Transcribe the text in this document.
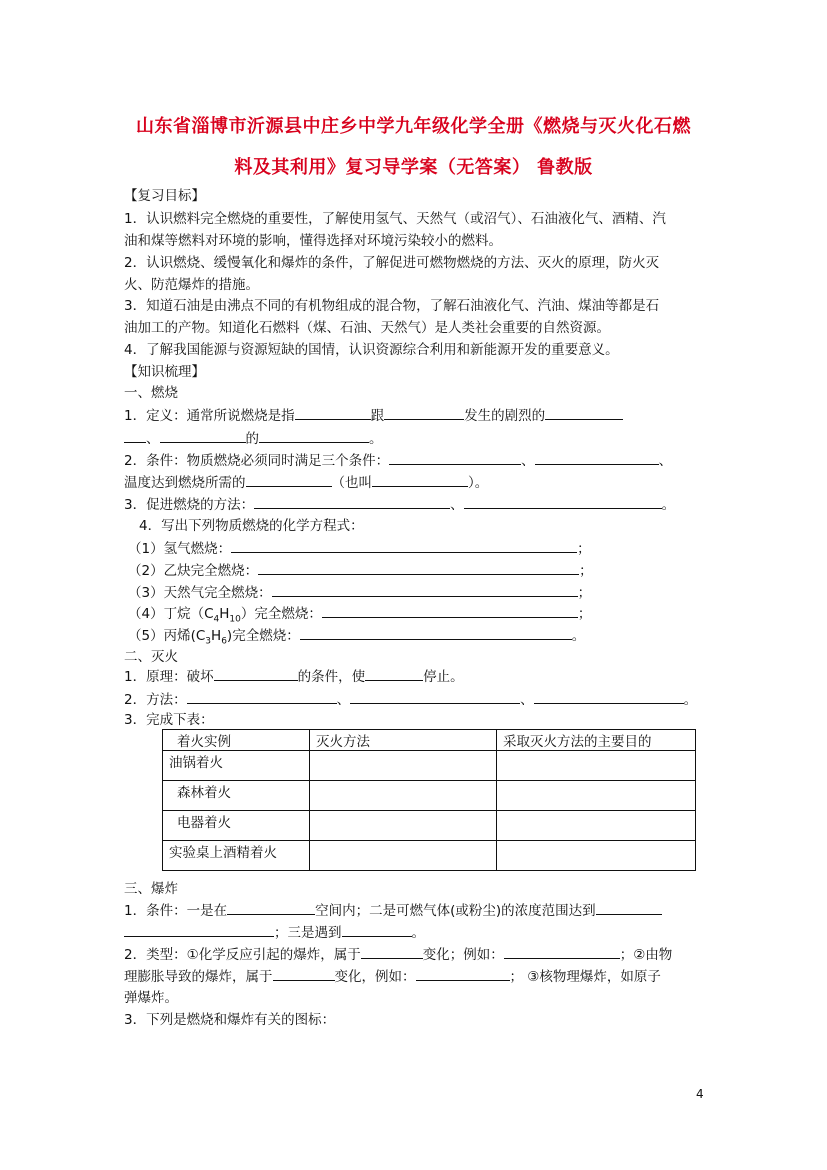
山东省淄博市沂源县中庄乡中学九年级化学全册《燃烧与灭火化石燃
料及其利用》复习导学案（无答案） 鲁教版
【复习目标】
1．认识燃料完全燃烧的重要性，了解使用氢气、天然气（或沼气）、石油液化气、酒精、汽
油和煤等燃料对环境的影响，懂得选择对环境污染较小的燃料。
2．认识燃烧、缓慢氧化和爆炸的条件，了解促进可燃物燃烧的方法、灭火的原理，防火灭
火、防范爆炸的措施。
3．知道石油是由沸点不同的有机物组成的混合物，了解石油液化气、汽油、煤油等都是石
油加工的产物。知道化石燃料（煤、石油、天然气）是人类社会重要的自然资源。
4．了解我国能源与资源短缺的国情，认识资源综合利用和新能源开发的重要意义。
【知识梳理】
一、燃烧
1．定义：通常所说燃烧是指	跟	发生的剧烈的
、	的	。
2．条件：物质燃烧必须同时满足三个条件：	、	、
温度达到燃烧所需的	（也叫	）。
3．促进燃烧的方法：	、	。
4．写出下列物质燃烧的化学方程式：
（1）氢气燃烧：	；
（2）乙炔完全燃烧：	；
（3）天然气完全燃烧：	；
（4）丁烷$(C_4H_{10})$完全燃烧：	；
（5）丙烯$(C_3H_6)$完全燃烧：	。
二、灭火
1．原理：破坏	的条件，使	停止。
2．方法：	、	、	。
3．完成下表：
着火实例	灭火方法	采取灭火方法的主要目的
油锅着火		
森林着火		
电器着火		
实验桌上酒精着火		
三、爆炸
1．条件：一是在	空间内；二是可燃气体(或粉尘)的浓度范围达到
；三是遇到	。
2．类型：①化学反应引起的爆炸，属于	变化；例如：	；②由物
理膨胀导致的爆炸，属于	变化，例如：	； ③核物理爆炸，如原子
弹爆炸。
3．下列是燃烧和爆炸有关的图标：
4
